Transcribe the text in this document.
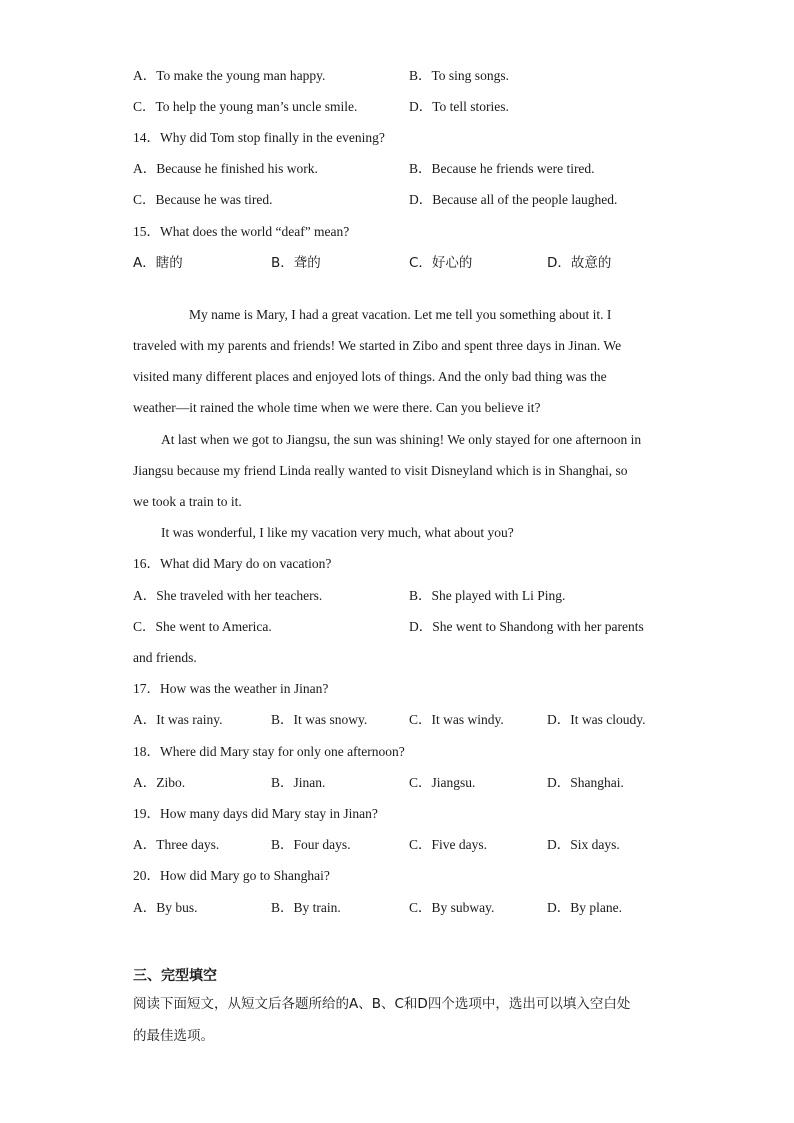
A．To make the young man happy.	B．To sing songs.
C．To help the young man’s uncle smile.	D．To tell stories.
14．Why did Tom stop finally in the evening?
A．Because he finished his work.	B．Because he friends were tired.
C．Because he was tired.	D．Because all of the people laughed.
15．What does the world “deaf” mean?
A．瞎的	B．聋的	C．好心的	D．故意的
My name is Mary, I had a great vacation. Let me tell you something about it. I
traveled with my parents and friends! We started in Zibo and spent three days in Jinan. We
visited many different places and enjoyed lots of things. And the only bad thing was the
weather—it rained the whole time when we were there. Can you believe it?
At last when we got to Jiangsu, the sun was shining! We only stayed for one afternoon in
Jiangsu because my friend Linda really wanted to visit Disneyland which is in Shanghai, so
we took a train to it.
It was wonderful, I like my vacation very much, what about you?
16．What did Mary do on vacation?
A．She traveled with her teachers.	B．She played with Li Ping.
C．She went to America.	D．She went to Shandong with her parents
and friends.
17．How was the weather in Jinan?
A．It was rainy.	B．It was snowy.	C．It was windy.	D．It was cloudy.
18．Where did Mary stay for only one afternoon?
A．Zibo.	B．Jinan.	C．Jiangsu.	D．Shanghai.
19．How many days did Mary stay in Jinan?
A．Three days.	B．Four days.	C．Five days.	D．Six days.
20．How did Mary go to Shanghai?
A．By bus.	B．By train.	C．By subway.	D．By plane.
三、完型填空
阅读下面短文，从短文后各题所给的A、B、C和D四个选项中，选出可以填入空白处
的最佳选项。
